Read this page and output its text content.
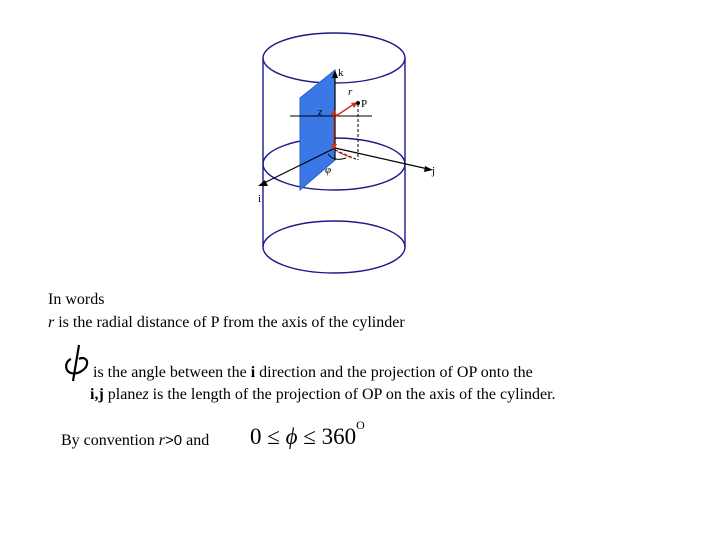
k
r
P
z
φ	j
i
In words
r is the radial distance of P from the axis of the cylinder
is the angle between the i direction and the projection of OP onto the
i,j planez is the length of the projection of OP on the axis of the cylinder.
By convention r>0 and $0 \le \phi \le 360^O$
